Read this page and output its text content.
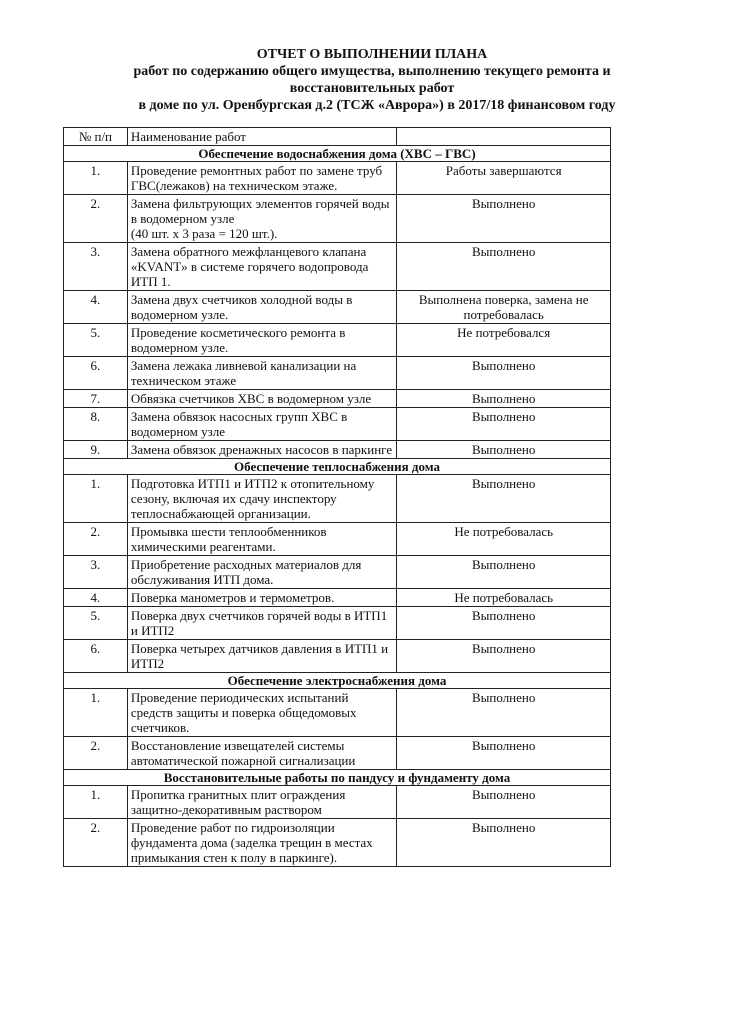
ОТЧЕТ О ВЫПОЛНЕНИИ ПЛАНА
работ по содержанию общего имущества, выполнению текущего ремонта и
восстановительных работ
в доме по ул. Оренбургская д.2 (ТСЖ «Аврора») в 2017/18 финансовом году
№ п/п	Наименование работ	
Обеспечение водоснабжения дома (ХВС – ГВС)		
1.	Проведение ремонтных работ по замене труб ГВС(лежаков) на техническом этаже.	Работы завершаются
2.	Замена фильтрующих элементов горячей воды в водомерном узле
(40 шт. х 3 раза = 120 шт.).	Выполнено
3.	Замена обратного межфланцевого клапана «KVANT» в системе горячего водопровода ИТП 1.	Выполнено
4.	Замена двух счетчиков холодной воды в водомерном узле.	Выполнена поверка, замена не потребовалась
5.	Проведение косметического ремонта в водомерном узле.	Не потребовался
6.	Замена лежака ливневой канализации на техническом этаже	Выполнено
7.	Обвязка счетчиков ХВС в водомерном узле	Выполнено
8.	Замена обвязок насосных групп ХВС в водомерном узле	Выполнено
9.	Замена обвязок дренажных насосов в паркинге	Выполнено
Обеспечение теплоснабжения дома		
1.	Подготовка ИТП1 и ИТП2 к отопительному сезону, включая их сдачу инспектору теплоснабжающей организации.	Выполнено
2.	Промывка шести теплообменников химическими реагентами.	Не потребовалась
3.	Приобретение расходных материалов для обслуживания ИТП дома.	Выполнено
4.	Поверка манометров и термометров.	Не потребовалась
5.	Поверка двух счетчиков горячей воды в ИТП1 и ИТП2	Выполнено
6.	Поверка четырех датчиков давления в ИТП1 и ИТП2	Выполнено
Обеспечение электроснабжения дома		
1.	Проведение периодических испытаний средств защиты и поверка общедомовых счетчиков.	Выполнено
2.	Восстановление извещателей системы автоматической пожарной сигнализации	Выполнено
Восстановительные работы по пандусу и фундаменту дома		
1.	Пропитка гранитных плит ограждения защитно-декоративным раствором	Выполнено
2.	Проведение работ по гидроизоляции фундамента дома (заделка трещин в местах примыкания стен к полу в паркинге).	Выполнено
